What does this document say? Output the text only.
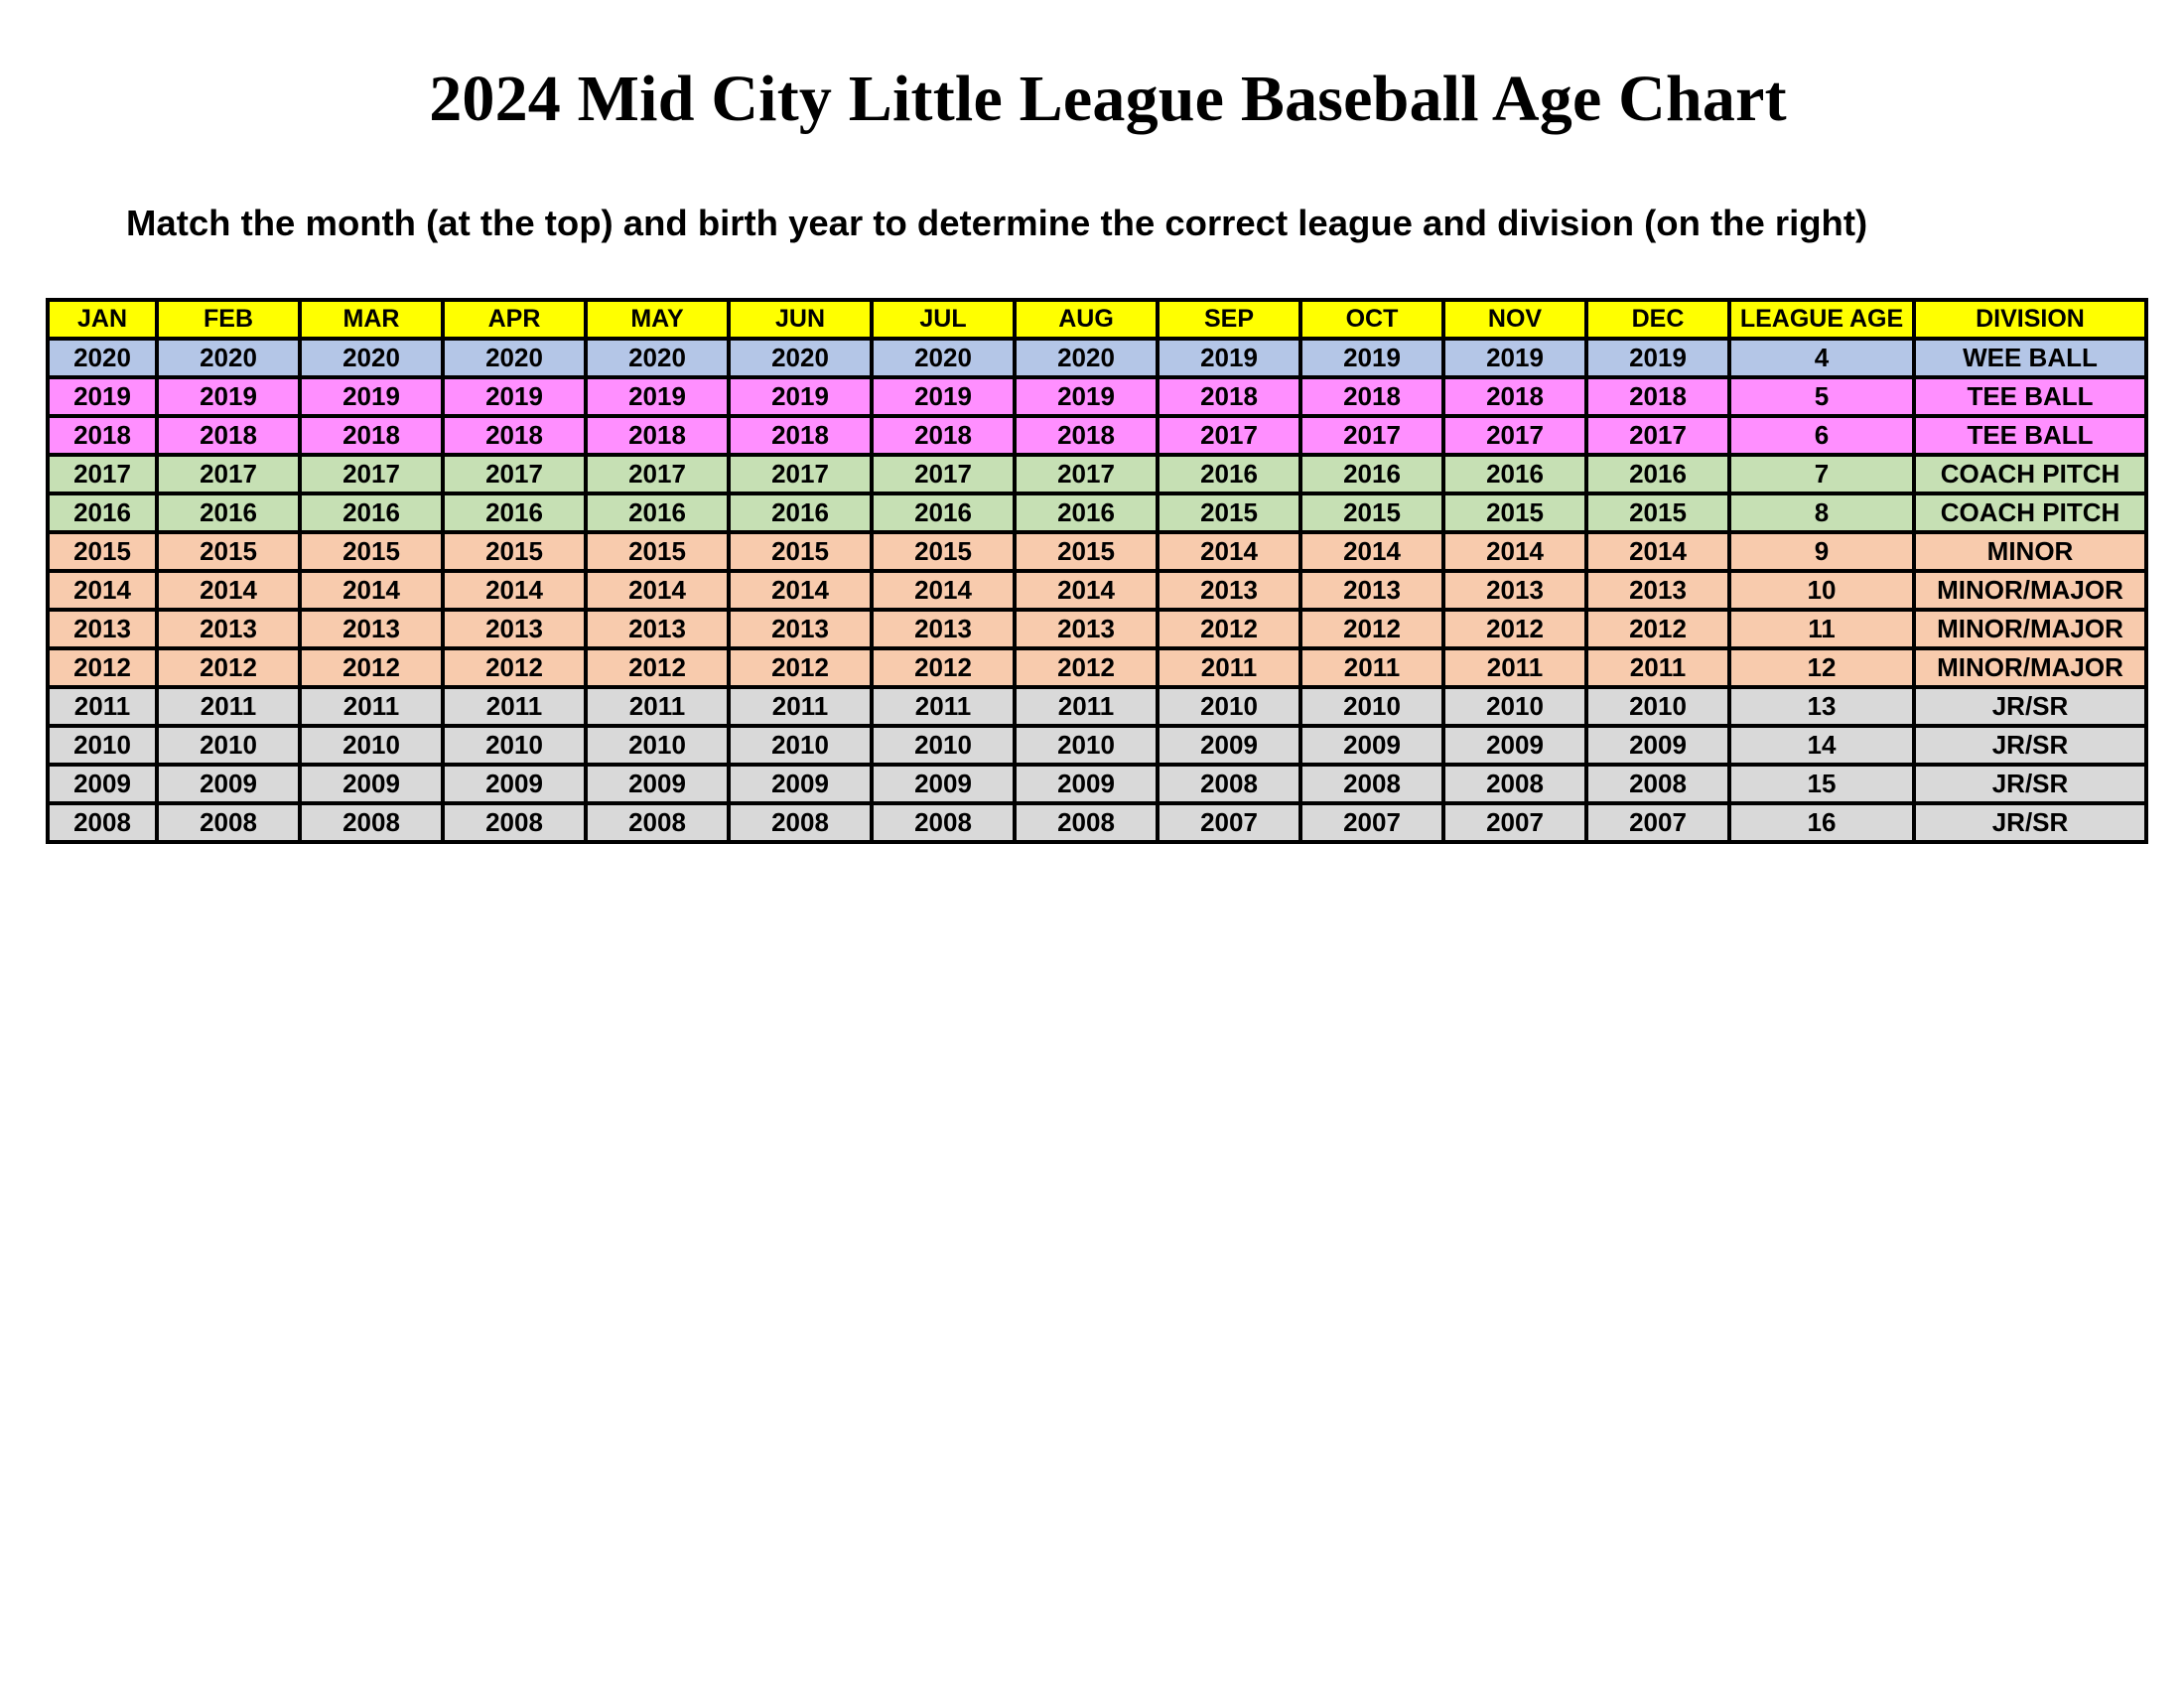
2024 Mid City Little League Baseball Age Chart
Match the month (at the top) and birth year to determine the correct league and division (on the right)
JAN	FEB	MAR	APR	MAY	JUN	JUL	AUG	SEP	OCT	NOV	DEC	LEAGUE AGE	DIVISION
2020	2020	2020	2020	2020	2020	2020	2020	2019	2019	2019	2019	4	WEE BALL
2019	2019	2019	2019	2019	2019	2019	2019	2018	2018	2018	2018	5	TEE BALL
2018	2018	2018	2018	2018	2018	2018	2018	2017	2017	2017	2017	6	TEE BALL
2017	2017	2017	2017	2017	2017	2017	2017	2016	2016	2016	2016	7	COACH PITCH
2016	2016	2016	2016	2016	2016	2016	2016	2015	2015	2015	2015	8	COACH PITCH
2015	2015	2015	2015	2015	2015	2015	2015	2014	2014	2014	2014	9	MINOR
2014	2014	2014	2014	2014	2014	2014	2014	2013	2013	2013	2013	10	MINOR/MAJOR
2013	2013	2013	2013	2013	2013	2013	2013	2012	2012	2012	2012	11	MINOR/MAJOR
2012	2012	2012	2012	2012	2012	2012	2012	2011	2011	2011	2011	12	MINOR/MAJOR
2011	2011	2011	2011	2011	2011	2011	2011	2010	2010	2010	2010	13	JR/SR
2010	2010	2010	2010	2010	2010	2010	2010	2009	2009	2009	2009	14	JR/SR
2009	2009	2009	2009	2009	2009	2009	2009	2008	2008	2008	2008	15	JR/SR
2008	2008	2008	2008	2008	2008	2008	2008	2007	2007	2007	2007	16	JR/SR
